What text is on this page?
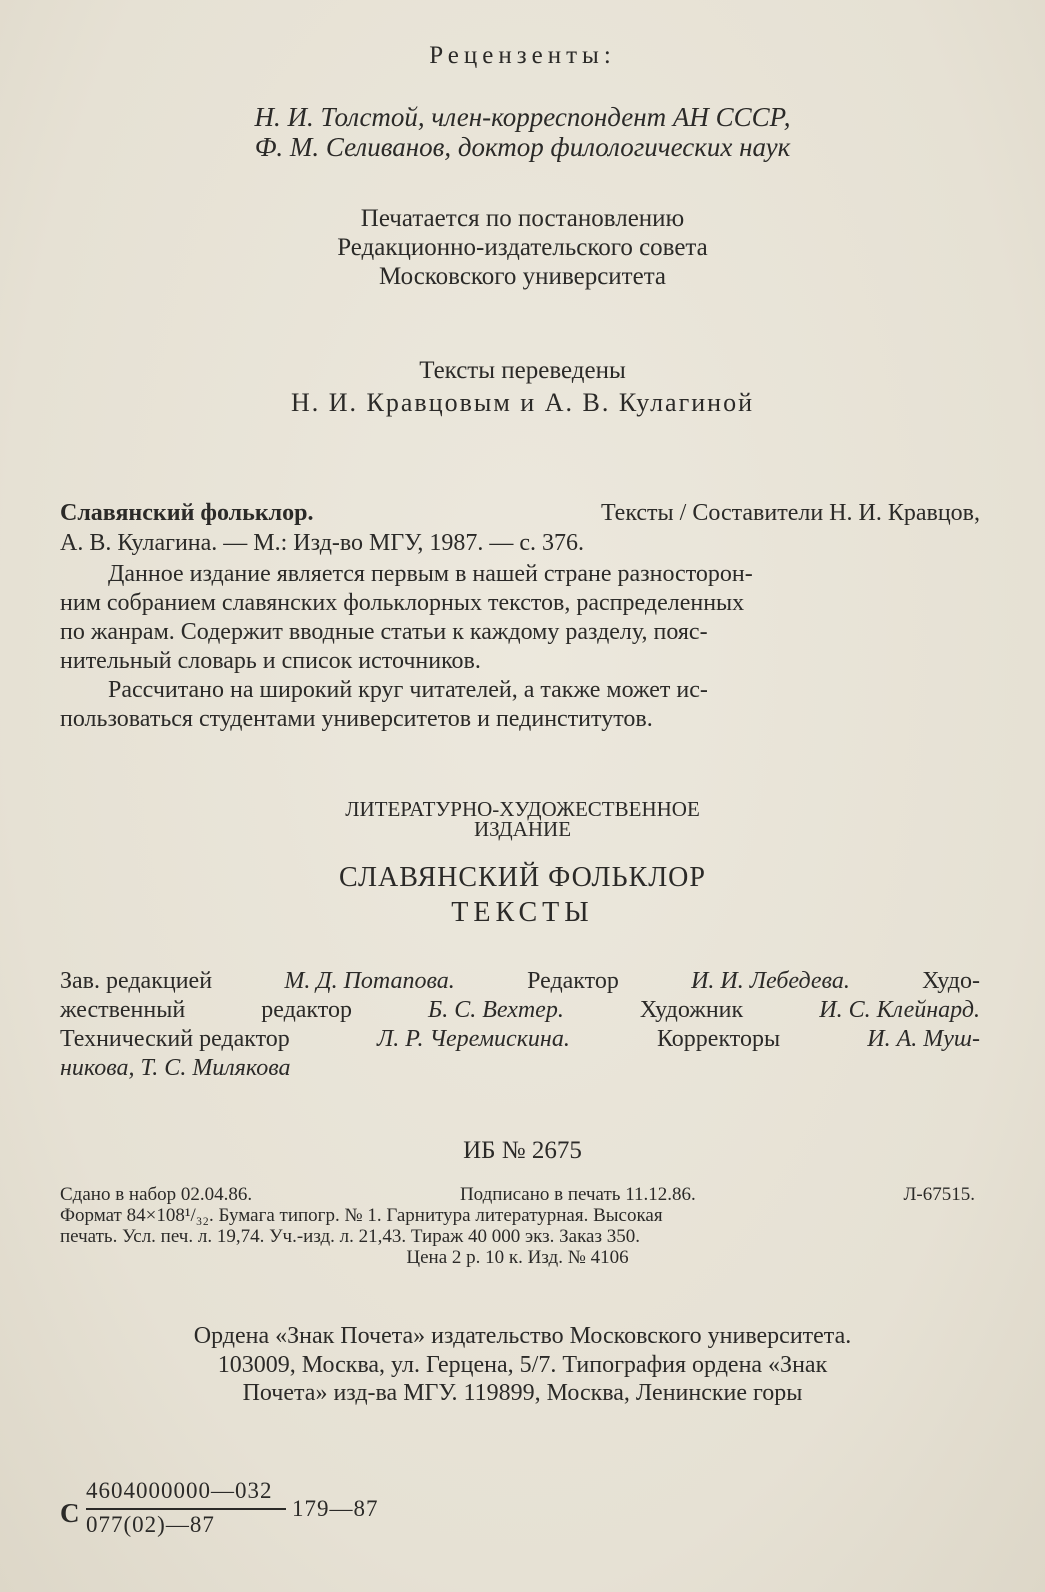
Рецензенты:
Н. И. Толстой, член-корреспондент АН СССР,
Ф. М. Селиванов, доктор филологических наук
Печатается по постановлению
Редакционно-издательского совета
Московского университета
Тексты переведены
Н. И. Кравцовым и А. В. Кулагиной
Славянский фольклор.	Тексты / Составители Н. И. Кравцов,
А. В. Кулагина. — М.: Изд-во МГУ, 1987. — с. 376.
Данное издание является первым в нашей стране разносторон-
ним собранием славянских фольклорных текстов, распределенных
по жанрам. Содержит вводные статьи к каждому разделу, пояс-
нительный словарь и список источников.
Рассчитано на широкий круг читателей, а также может ис-
пользоваться студентами университетов и пединститутов.
ЛИТЕРАТУРНО-ХУДОЖЕСТВЕННОЕ
ИЗДАНИЕ
СЛАВЯНСКИЙ ФОЛЬКЛОР
ТЕКСТЫ
Зав. редакцией	М. Д. Потапова.	Редактор	И. И. Лебедева.	Худо-
жественный	редактор	Б. С. Вехтер.	Художник	И. С. Клейнард.
Технический редактор	Л. Р. Черемискина.	Корректоры	И. А. Муш-
никова, Т. С. Милякова
ИБ № 2675
Сдано в набор 02.04.86.	Подписано в печать 11.12.86.	Л-67515.
Формат 84×108¹/₃₂. Бумага типогр. № 1. Гарнитура литературная. Высокая
печать. Усл. печ. л. 19,74. Уч.-изд. л. 21,43. Тираж 40 000 экз. Заказ 350.
Цена 2 р. 10 к. Изд. № 4106
Ордена «Знак Почета» издательство Московского университета.
103009, Москва, ул. Герцена, 5/7. Типография ордена «Знак
Почета» изд-ва МГУ. 119899, Москва, Ленинские горы
С
4604000000—032
077(02)—87
179—87
